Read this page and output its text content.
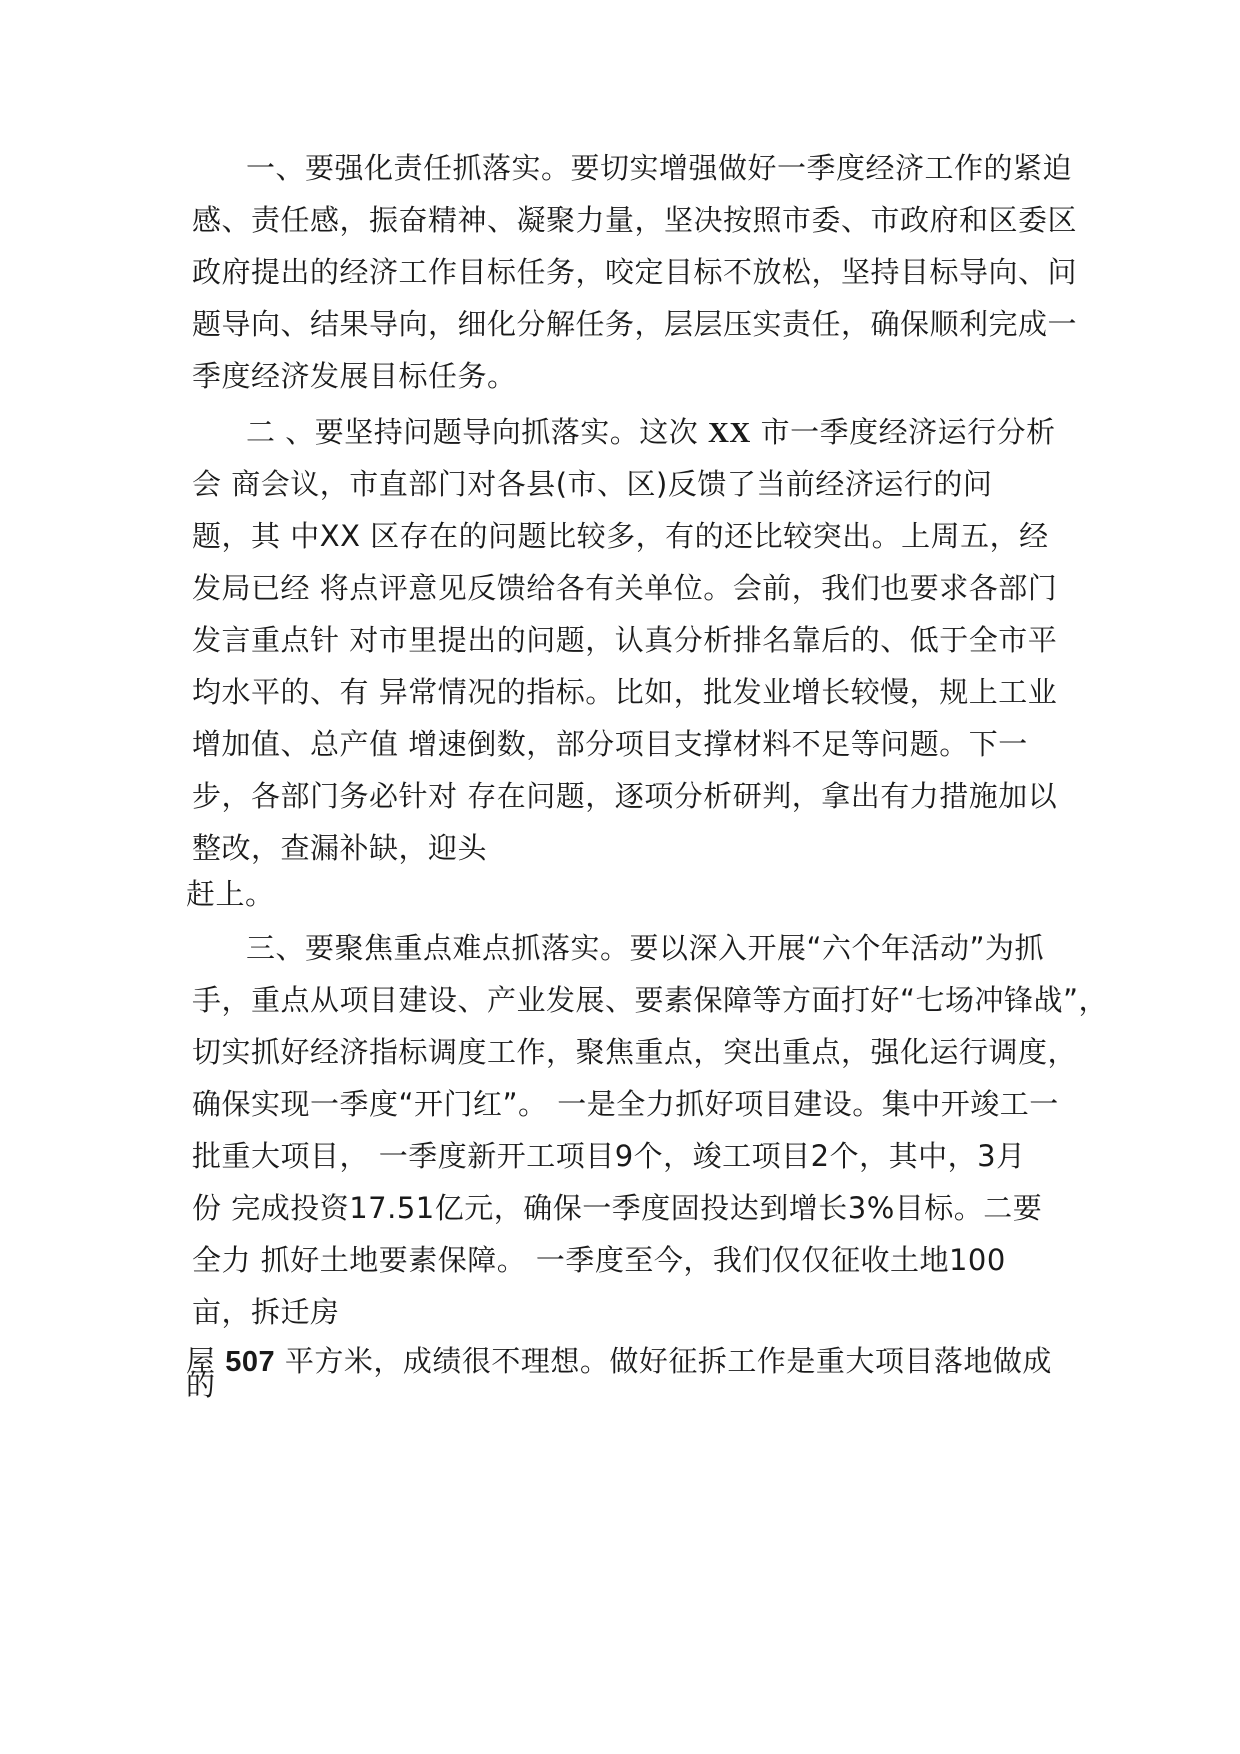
一、要强化责任抓落实。要切实增强做好一季度经济工作的紧迫
感、责任感，振奋精神、凝聚力量，坚决按照市委、市政府和区委区
政府提出的经济工作目标任务，咬定目标不放松，坚持目标导向、问
题导向、结果导向，细化分解任务，层层压实责任，确保顺利完成一
季度经济发展目标任务。
二 、要坚持问题导向抓落实。这次 XX 市一季度经济运行分析
会 商会议，市直部门对各县(市、区)反馈了当前经济运行的问
题，其 中XX 区存在的问题比较多，有的还比较突出。上周五，经
发局已经 将点评意见反馈给各有关单位。会前，我们也要求各部门
发言重点针 对市里提出的问题，认真分析排名靠后的、低于全市平
均水平的、有 异常情况的指标。比如，批发业增长较慢，规上工业
增加值、总产值 增速倒数，部分项目支撑材料不足等问题。下一
步，各部门务必针对 存在问题，逐项分析研判，拿出有力措施加以
整改，查漏补缺，迎头
赶上。
三、要聚焦重点难点抓落实。要以深入开展“六个年活动”为抓
手，重点从项目建设、产业发展、要素保障等方面打好“七场冲锋战”，
切实抓好经济指标调度工作，聚焦重点，突出重点，强化运行调度，
确保实现一季度“开门红”。 一是全力抓好项目建设。集中开竣工一
批重大项目， 一季度新开工项目9个，竣工项目2个，其中，3月
份 完成投资17.51亿元，确保一季度固投达到增长3%目标。二要
全力 抓好土地要素保障。 一季度至今，我们仅仅征收土地100
亩，拆迁房
屋 507 平方米，成绩很不理想。做好征拆工作是重大项目落地做成
的
